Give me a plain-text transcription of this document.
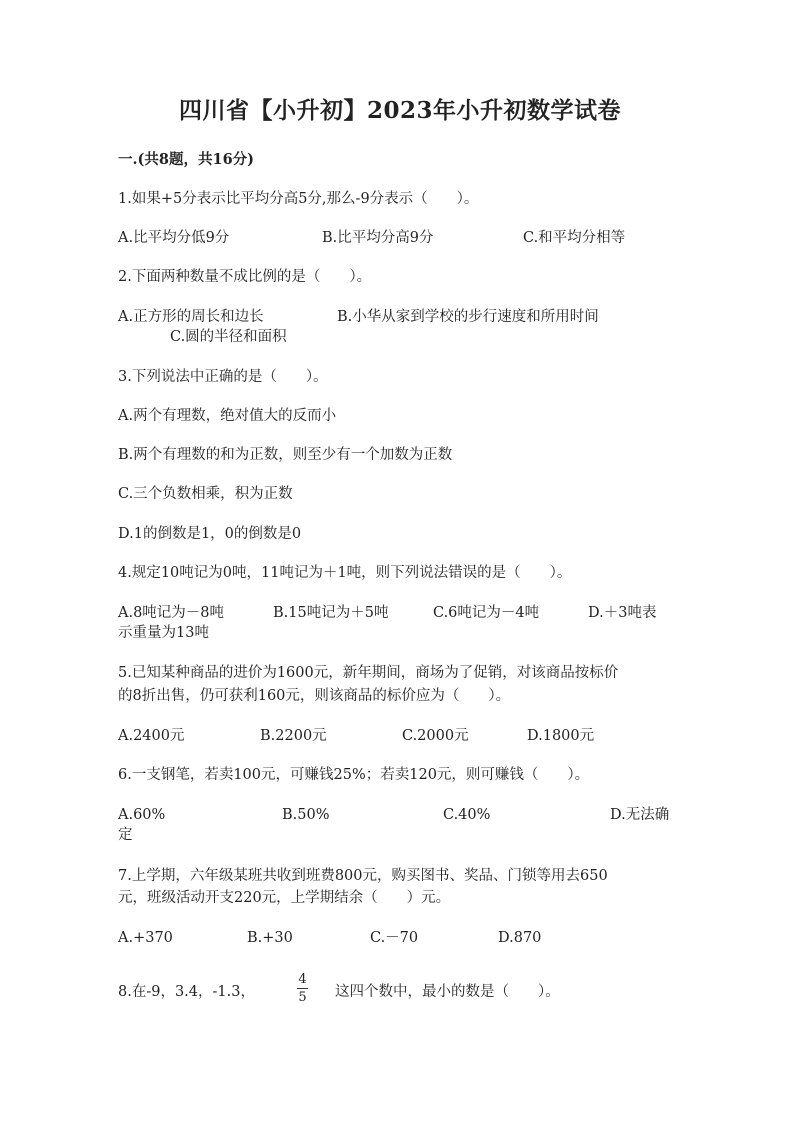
四川省【小升初】2023年小升初数学试卷
一.(共8题，共16分)
1.如果+5分表示比平均分高5分,那么-9分表示（　　）。
A.比平均分低9分	B.比平均分高9分	C.和平均分相等
2.下面两种数量不成比例的是（　　）。
A.正方形的周长和边长	B.小华从家到学校的步行速度和所用时间
C.圆的半径和面积
3.下列说法中正确的是（　　）。
A.两个有理数，绝对值大的反而小
B.两个有理数的和为正数，则至少有一个加数为正数
C.三个负数相乘，积为正数
D.1的倒数是1，0的倒数是0
4.规定10吨记为0吨，11吨记为＋1吨，则下列说法错误的是（　　）。
A.8吨记为－8吨	B.15吨记为＋5吨	C.6吨记为－4吨	D.＋3吨表
示重量为13吨
5.已知某种商品的进价为1600元，新年期间，商场为了促销，对该商品按标价
的8折出售，仍可获利160元，则该商品的标价应为（　　）。
A.2400元	B.2200元	C.2000元	D.1800元
6.一支钢笔，若卖100元，可赚钱25%；若卖120元，则可赚钱（　　）。
A.60%	B.50%	C.40%	D.无法确
定
7.上学期，六年级某班共收到班费800元，购买图书、奖品、门锁等用去650
元，班级活动开支220元，上学期结余（　　）元。
A.+370	B.+30	C.－70	D.870
8.在-9，3.4，-1.3，
4
5 这四个数中，最小的数是（　　）。
